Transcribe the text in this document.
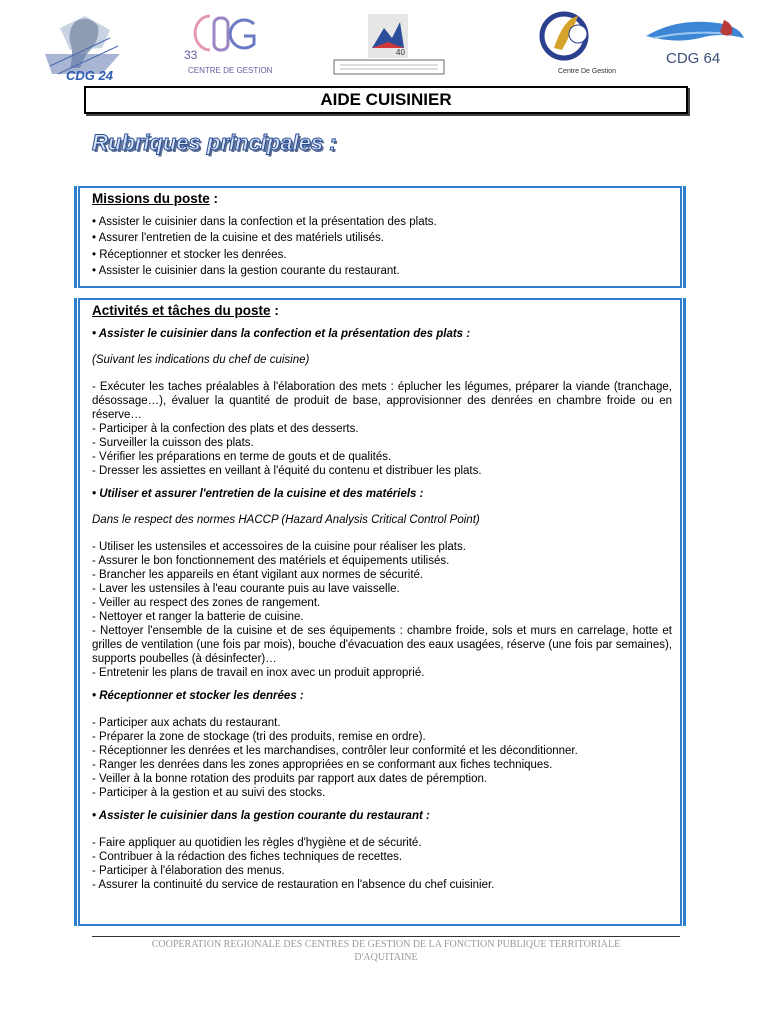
CDG 24
33
CENTRE DE GESTION
40
Centre De Gestion
CDG 64
AIDE CUISINIER
Rubriques principales :

Missions du poste :

• Assister le cuisinier dans la confection et la présentation des plats.

• Assurer l'entretien de la cuisine et des matériels utilisés.

• Réceptionner et stocker les denrées.

• Assister le cuisinier dans la gestion courante du restaurant.

Activités et tâches du poste :

• Assister le cuisinier dans la confection et la présentation des plats :

(Suivant les indications du chef de cuisine)

- Exécuter les taches préalables à l'élaboration des mets : éplucher les légumes, préparer la viande (tranchage, désossage…), évaluer la quantité de produit de base, approvisionner des denrées en chambre froide ou en réserve…

- Participer à la confection des plats et des desserts.

- Surveiller la cuisson des plats.

- Vérifier les préparations en terme de gouts et de qualités.

- Dresser les assiettes en veillant à l'équité du contenu et distribuer les plats.

• Utiliser et assurer l'entretien de la cuisine et des matériels :

Dans le respect des normes HACCP (Hazard Analysis Critical Control Point)

- Utiliser les ustensiles et accessoires de la cuisine pour réaliser les plats.

- Assurer le bon fonctionnement des matériels et équipements utilisés.

- Brancher les appareils en étant vigilant aux normes de sécurité.

- Laver les ustensiles à l'eau courante puis au lave vaisselle.

- Veiller au respect des zones de rangement.

- Nettoyer et ranger la batterie de cuisine.

- Nettoyer l'ensemble de la cuisine et de ses équipements : chambre froide, sols et murs en carrelage, hotte et grilles de ventilation (une fois par mois), bouche d'évacuation des eaux usagées, réserve (une fois par semaines), supports poubelles (à désinfecter)…

- Entretenir les plans de travail en inox avec un produit approprié.

• Réceptionner et stocker les denrées :

- Participer aux achats du restaurant.

- Préparer la zone de stockage (tri des produits, remise en ordre).

- Réceptionner les denrées et les marchandises, contrôler leur conformité et les déconditionner.

- Ranger les denrées dans les zones appropriées en se conformant aux fiches techniques.

- Veiller à la bonne rotation des produits par rapport aux dates de péremption.

- Participer à la gestion et au suivi des stocks.

• Assister le cuisinier dans la gestion courante du restaurant :

- Faire appliquer au quotidien les règles d'hygiène et de sécurité.

- Contribuer à la rédaction des fiches techniques de recettes.

- Participer à l'élaboration des menus.

- Assurer la continuité du service de restauration en l'absence du chef cuisinier.

COOPERATION REGIONALE DES CENTRES DE GESTION DE LA FONCTION PUBLIQUE TERRITORIALE
D'AQUITAINE
